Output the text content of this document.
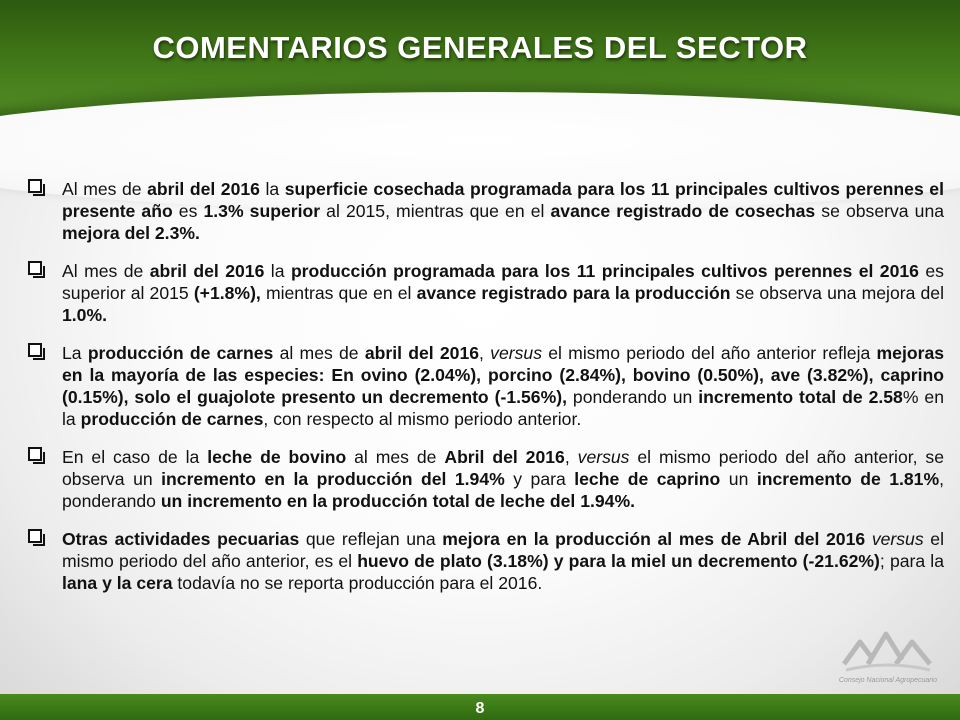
COMENTARIOS GENERALES DEL SECTOR
Al mes de abril del 2016 la superficie cosechada programada para los 11 principales cultivos perennes el presente año es 1.3% superior al 2015, mientras que en el avance registrado de cosechas se observa una mejora del 2.3%.
Al mes de abril del 2016 la producción programada para los 11 principales cultivos perennes el 2016 es superior al 2015 (+1.8%), mientras que en el avance registrado para la producción se observa una mejora del 1.0%.
La producción de carnes al mes de abril del 2016, versus el mismo periodo del año anterior refleja mejoras en la mayoría de las especies: En ovino (2.04%), porcino (2.84%), bovino (0.50%), ave (3.82%), caprino (0.15%), solo el guajolote presento un decremento (-1.56%), ponderando un incremento total de 2.58% en la producción de carnes, con respecto al mismo periodo anterior.
En el caso de la leche de bovino al mes de Abril del 2016, versus el mismo periodo del año anterior, se observa un incremento en la producción del 1.94% y para leche de caprino un incremento de 1.81%, ponderando un incremento en la producción total de leche del 1.94%.
Otras actividades pecuarias que reflejan una mejora en la producción al mes de Abril del 2016 versus el mismo periodo del año anterior, es el huevo de plato (3.18%) y para la miel un decremento (-21.62%); para la lana y la cera todavía no se reporta producción para el 2016.
Consejo Nacional Agropecuario
8
